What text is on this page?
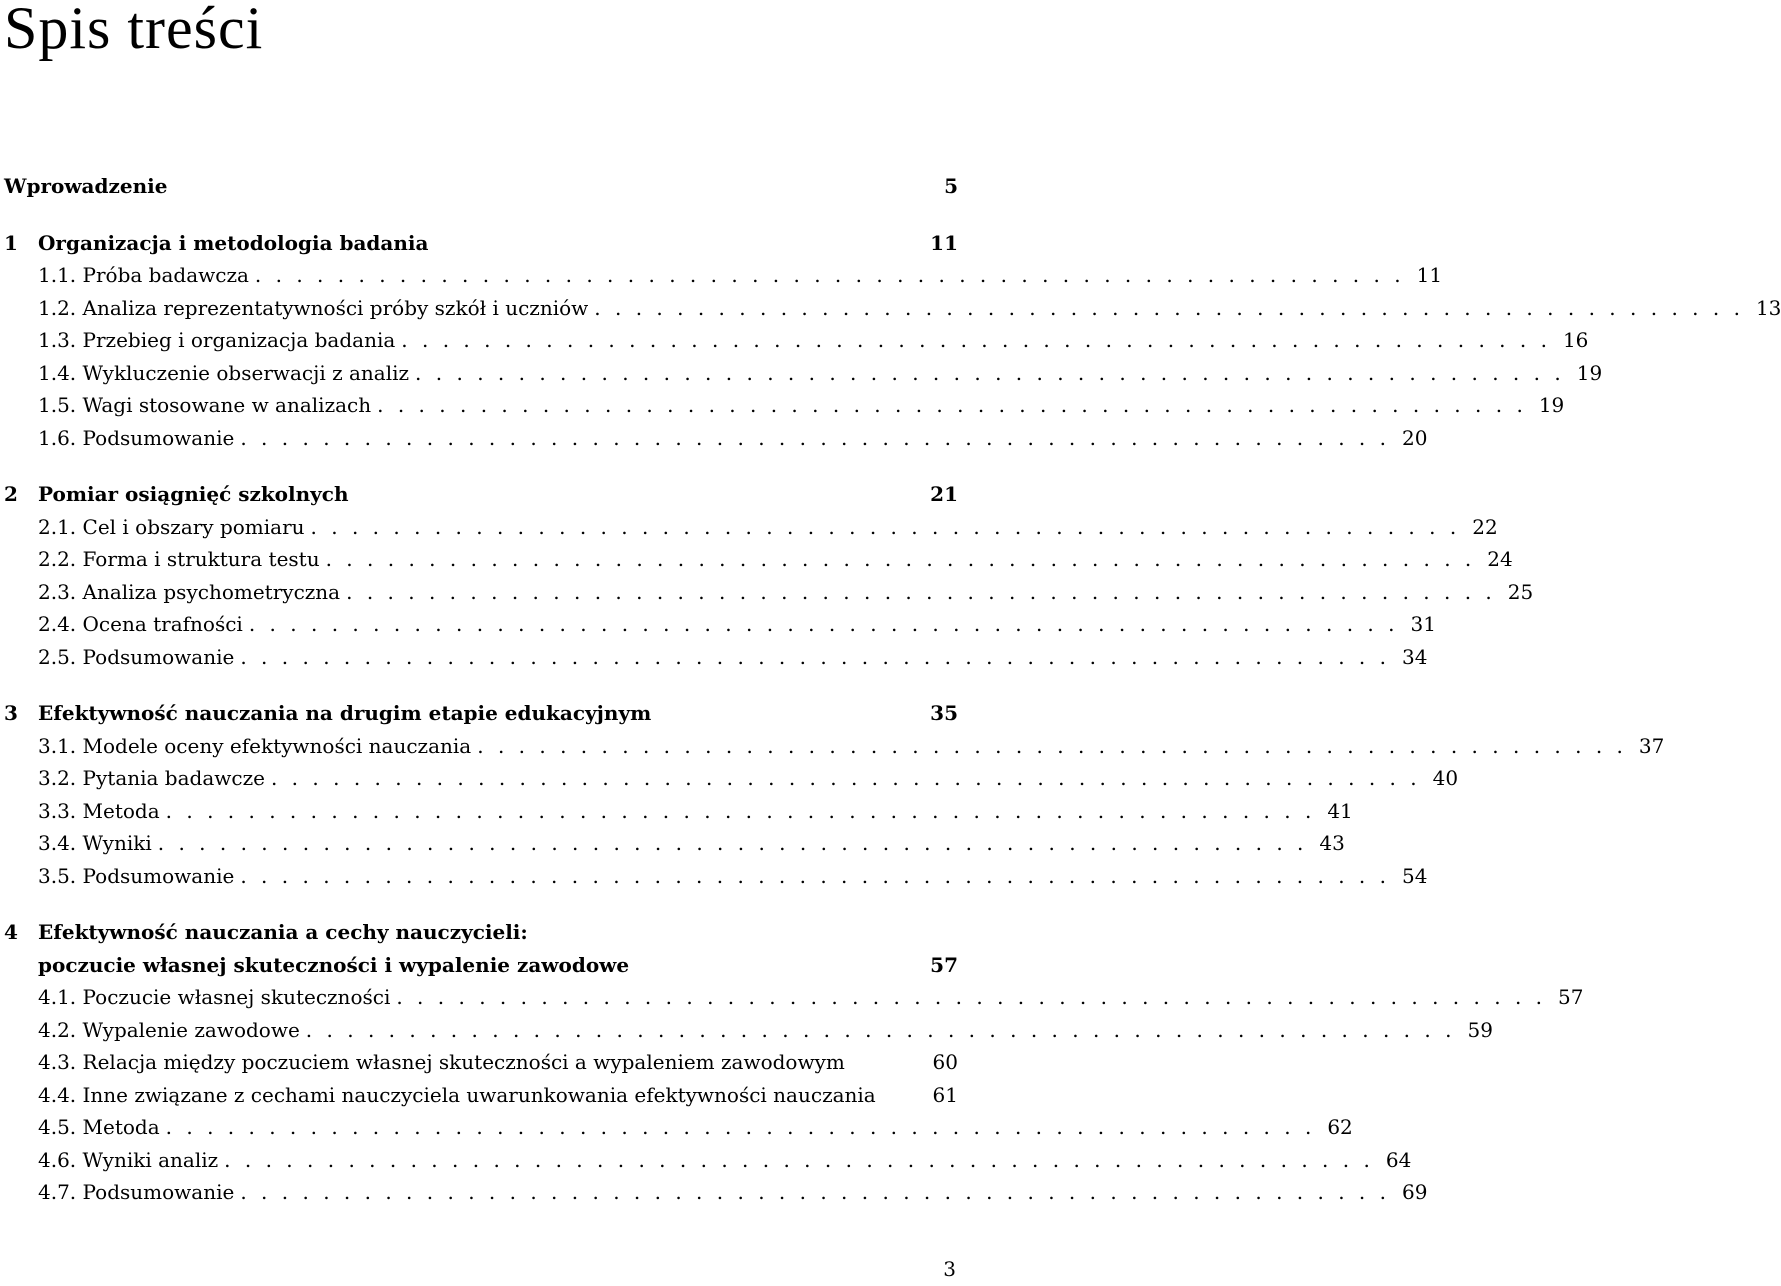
Spis treści
Wprowadzenie	5
1	Organizacja i metodologia badania	11
1.1. Próba badawcza . . . . . . . . . . . . . . . . . . . . . . . . . . . . . . . . . . . . . . . . . . . . . . . . . . . . . . . . 11
1.2. Analiza reprezentatywności próby szkół i uczniów . . . . . . . . . . . . . . . . . . . . . . . . . . . . . . . . . . . . . . . . . . . . . . . . . . . . . . . . 13
1.3. Przebieg i organizacja badania . . . . . . . . . . . . . . . . . . . . . . . . . . . . . . . . . . . . . . . . . . . . . . . . . . . . . . . . 16
1.4. Wykluczenie obserwacji z analiz . . . . . . . . . . . . . . . . . . . . . . . . . . . . . . . . . . . . . . . . . . . . . . . . . . . . . . . . 19
1.5. Wagi stosowane w analizach . . . . . . . . . . . . . . . . . . . . . . . . . . . . . . . . . . . . . . . . . . . . . . . . . . . . . . . . 19
1.6. Podsumowanie . . . . . . . . . . . . . . . . . . . . . . . . . . . . . . . . . . . . . . . . . . . . . . . . . . . . . . . . 20
2	Pomiar osiągnięć szkolnych	21
2.1. Cel i obszary pomiaru . . . . . . . . . . . . . . . . . . . . . . . . . . . . . . . . . . . . . . . . . . . . . . . . . . . . . . . . 22
2.2. Forma i struktura testu . . . . . . . . . . . . . . . . . . . . . . . . . . . . . . . . . . . . . . . . . . . . . . . . . . . . . . . . 24
2.3. Analiza psychometryczna . . . . . . . . . . . . . . . . . . . . . . . . . . . . . . . . . . . . . . . . . . . . . . . . . . . . . . . . 25
2.4. Ocena trafności . . . . . . . . . . . . . . . . . . . . . . . . . . . . . . . . . . . . . . . . . . . . . . . . . . . . . . . . 31
2.5. Podsumowanie . . . . . . . . . . . . . . . . . . . . . . . . . . . . . . . . . . . . . . . . . . . . . . . . . . . . . . . . 34
3	Efektywność nauczania na drugim etapie edukacyjnym	35
3.1. Modele oceny efektywności nauczania . . . . . . . . . . . . . . . . . . . . . . . . . . . . . . . . . . . . . . . . . . . . . . . . . . . . . . . . 37
3.2. Pytania badawcze . . . . . . . . . . . . . . . . . . . . . . . . . . . . . . . . . . . . . . . . . . . . . . . . . . . . . . . . 40
3.3. Metoda . . . . . . . . . . . . . . . . . . . . . . . . . . . . . . . . . . . . . . . . . . . . . . . . . . . . . . . . 41
3.4. Wyniki . . . . . . . . . . . . . . . . . . . . . . . . . . . . . . . . . . . . . . . . . . . . . . . . . . . . . . . . 43
3.5. Podsumowanie . . . . . . . . . . . . . . . . . . . . . . . . . . . . . . . . . . . . . . . . . . . . . . . . . . . . . . . . 54
4	Efektywność nauczania a cechy nauczycieli:
poczucie własnej skuteczności i wypalenie zawodowe	57
4.1. Poczucie własnej skuteczności . . . . . . . . . . . . . . . . . . . . . . . . . . . . . . . . . . . . . . . . . . . . . . . . . . . . . . . . 57
4.2. Wypalenie zawodowe . . . . . . . . . . . . . . . . . . . . . . . . . . . . . . . . . . . . . . . . . . . . . . . . . . . . . . . . 59
4.3. Relacja między poczuciem własnej skuteczności a wypaleniem zawodowym	60
4.4. Inne związane z cechami nauczyciela uwarunkowania efektywności nauczania	61
4.5. Metoda . . . . . . . . . . . . . . . . . . . . . . . . . . . . . . . . . . . . . . . . . . . . . . . . . . . . . . . . 62
4.6. Wyniki analiz . . . . . . . . . . . . . . . . . . . . . . . . . . . . . . . . . . . . . . . . . . . . . . . . . . . . . . . . 64
4.7. Podsumowanie . . . . . . . . . . . . . . . . . . . . . . . . . . . . . . . . . . . . . . . . . . . . . . . . . . . . . . . . 69
3
